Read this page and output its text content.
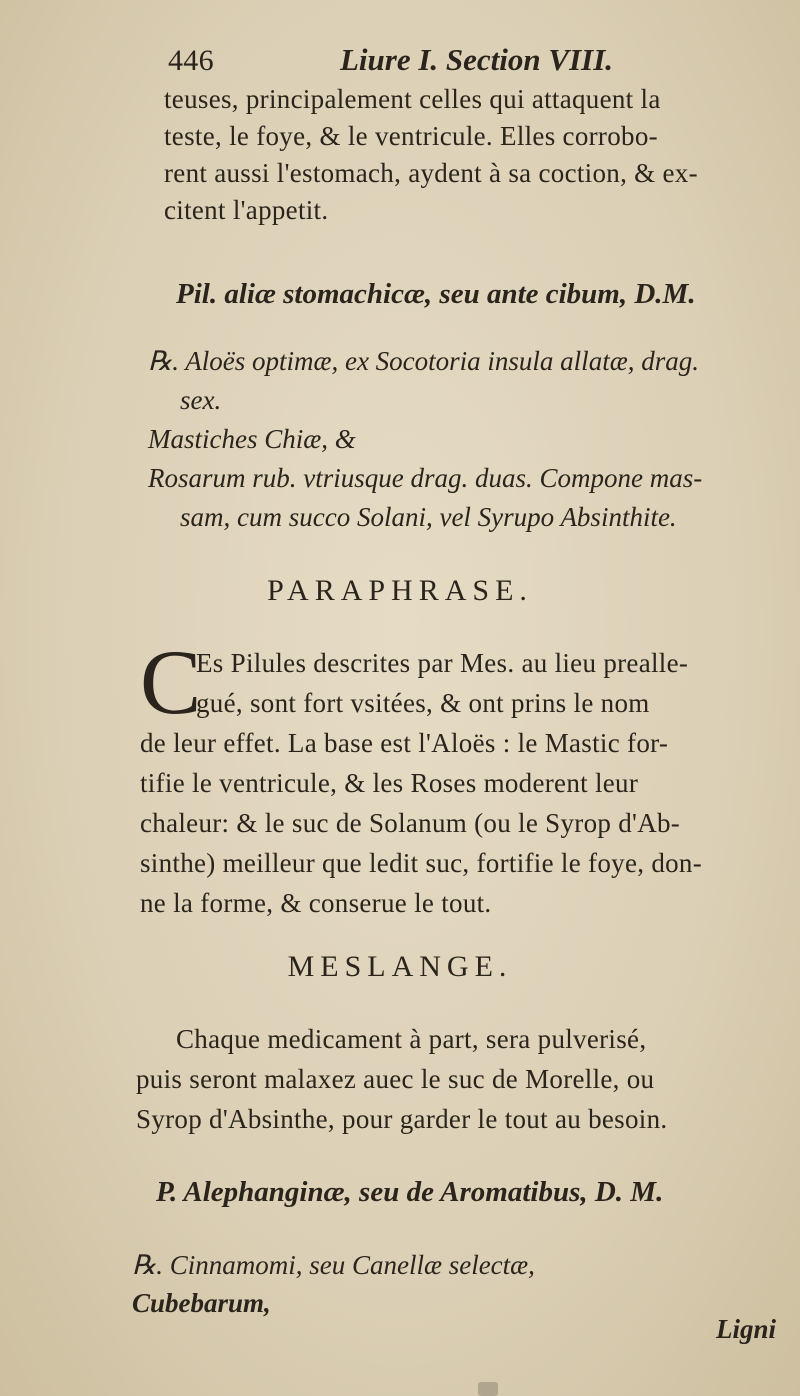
446	Liure I. Section VIII.
teuses, principalement celles qui attaquent la
teste, le foye, & le ventricule. Elles corrobo-
rent aussi l'estomach, aydent à sa coction, & ex-
citent l'appetit.
Pil. aliæ stomachicæ, seu ante cibum, D.M.
℞. Aloës optimæ, ex Socotoria insula allatæ, drag.
sex.
Mastiches Chiæ, &
Rosarum rub. vtriusque drag. duas. Compone mas-
sam, cum succo Solani, vel Syrupo Absinthite.
PARAPHRASE.
C
Es Pilules descrites par Mes. au lieu prealle-
gué, sont fort vsitées, & ont prins le nom
de leur effet. La base est l'Aloës : le Mastic for-
tifie le ventricule, & les Roses moderent leur
chaleur: & le suc de Solanum (ou le Syrop d'Ab-
sinthe) meilleur que ledit suc, fortifie le foye, don-
ne la forme, & conserue le tout.
MESLANGE.
Chaque medicament à part, sera pulverisé,
puis seront malaxez auec le suc de Morelle, ou
Syrop d'Absinthe, pour garder le tout au besoin.
P. Alephanginæ, seu de Aromatibus, D. M.
℞. Cinnamomi, seu Canellæ selectæ,
Cubebarum,
Ligni
